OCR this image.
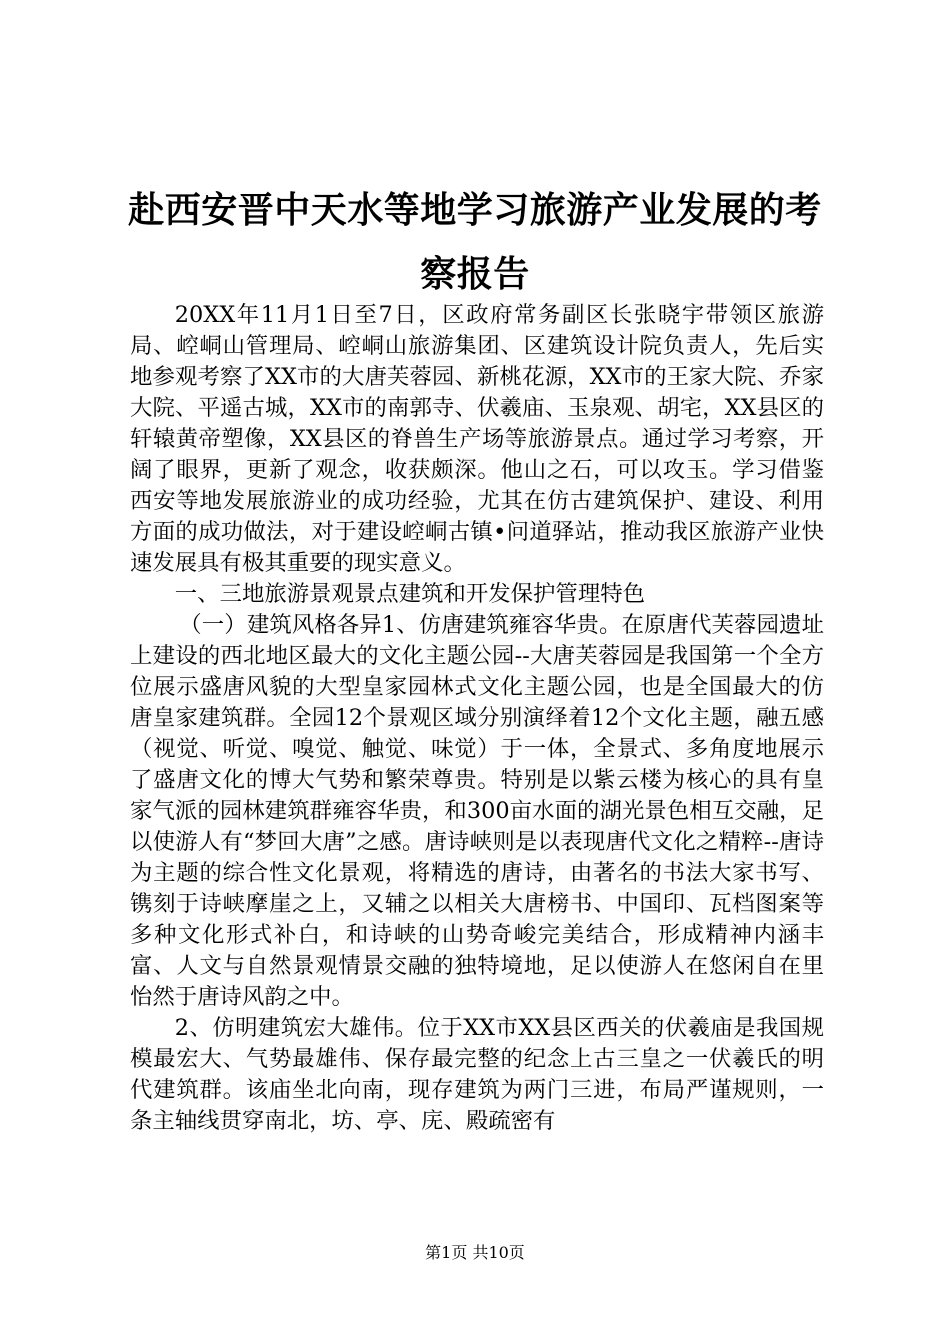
赴西安晋中天水等地学习旅游产业发展的考察报告

20XX年11月1日至7日，区政府常务副区长张晓宇带领区旅游局、崆峒山管理局、崆峒山旅游集团、区建筑设计院负责人，先后实地参观考察了XX市的大唐芙蓉园、新桃花源，XX市的王家大院、乔家大院、平遥古城，XX市的南郭寺、伏羲庙、玉泉观、胡宅，XX县区的轩辕黄帝塑像，XX县区的脊兽生产场等旅游景点。通过学习考察，开阔了眼界，更新了观念，收获颇深。他山之石，可以攻玉。学习借鉴西安等地发展旅游业的成功经验，尤其在仿古建筑保护、建设、利用方面的成功做法，对于建设崆峒古镇•问道驿站，推动我区旅游产业快速发展具有极其重要的现实意义。

一、三地旅游景观景点建筑和开发保护管理特色

（一）建筑风格各异1、仿唐建筑雍容华贵。在原唐代芙蓉园遗址上建设的西北地区最大的文化主题公园--大唐芙蓉园是我国第一个全方位展示盛唐风貌的大型皇家园林式文化主题公园，也是全国最大的仿唐皇家建筑群。全园12个景观区域分别演绎着12个文化主题，融五感（视觉、听觉、嗅觉、触觉、味觉）于一体，全景式、多角度地展示了盛唐文化的博大气势和繁荣尊贵。特别是以紫云楼为核心的具有皇家气派的园林建筑群雍容华贵，和300亩水面的湖光景色相互交融，足以使游人有“梦回大唐”之感。唐诗峡则是以表现唐代文化之精粹--唐诗为主题的综合性文化景观，将精选的唐诗，由著名的书法大家书写、镌刻于诗峡摩崖之上，又辅之以相关大唐榜书、中国印、瓦档图案等多种文化形式补白，和诗峡的山势奇峻完美结合，形成精神内涵丰富、人文与自然景观情景交融的独特境地，足以使游人在悠闲自在里怡然于唐诗风韵之中。

2、仿明建筑宏大雄伟。位于XX市XX县区西关的伏羲庙是我国规模最宏大、气势最雄伟、保存最完整的纪念上古三皇之一伏羲氏的明代建筑群。该庙坐北向南，现存建筑为两门三进，布局严谨规则，一条主轴线贯穿南北，坊、亭、庑、殿疏密有

第1页 共10页
